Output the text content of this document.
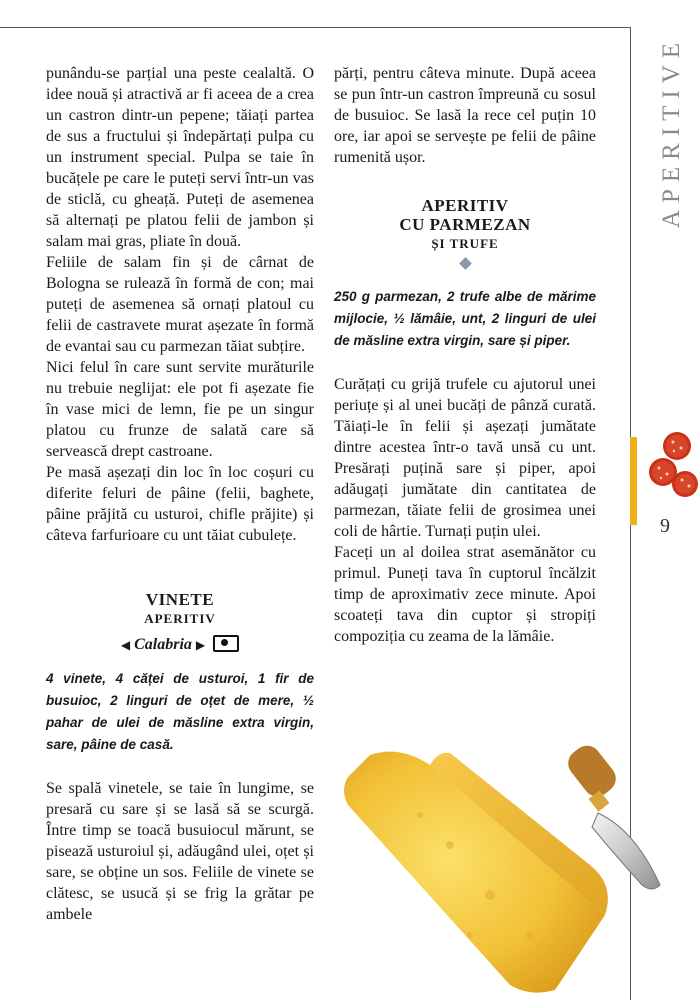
APERITIVE
9

punându-se parțial una peste cealaltă. O idee nouă și atractivă ar fi aceea de a crea un castron dintr-un pepene; tăiați partea de sus a fructului și îndepărtați pulpa cu un instrument special. Pulpa se taie în bucățele pe care le puteți servi într-un vas de sticlă, cu gheață. Puteți de asemenea să alternați pe platou felii de jambon și salam mai gras, pliate în două.

Feliile de salam fin și de cârnat de Bologna se rulează în formă de con; mai puteți de asemenea să ornați platoul cu felii de castravete murat așezate în formă de evantai sau cu parmezan tăiat subțire.

Nici felul în care sunt servite murăturile nu trebuie neglijat: ele pot fi așezate fie în vase mici de lemn, fie pe un singur platou cu frunze de salată care să servească drept castroane.

Pe masă așezați din loc în loc coșuri cu diferite feluri de pâine (felii, baghete, pâine prăjită cu usturoi, chifle prăjite) și câteva farfurioare cu unt tăiat cubulețe.

VINETE
APERITIV
◀ Calabria ▶

4 vinete, 4 căței de usturoi, 1 fir de busuioc, 2 linguri de oțet de mere, ½ pahar de ulei de măsline extra virgin, sare, pâine de casă.

Se spală vinetele, se taie în lungime, se presară cu sare și se lasă să se scurgă. Între timp se toacă busuiocul mărunt, se pisează usturoiul și, adăugând ulei, oțet și sare, se obține un sos. Feliile de vinete se clătesc, se usucă și se frig la grătar pe ambele

părți, pentru câteva minute. După aceea se pun într-un castron împreună cu sosul de busuioc. Se lasă la rece cel puțin 10 ore, iar apoi se servește pe felii de pâine rumenită ușor.

APERITIV
CU PARMEZAN
ȘI TRUFE

250 g parmezan, 2 trufe albe de mărime mijlocie, ½ lămâie, unt, 2 linguri de ulei de măsline extra virgin, sare și piper.

Curățați cu grijă trufele cu ajutorul unei periuțe și al unei bucăți de pânză curată. Tăiați-le în felii și așezați jumătate dintre acestea într-o tavă unsă cu unt. Presărați puțină sare și piper, apoi adăugați jumătate din cantitatea de parmezan, tăiate felii de grosimea unei coli de hârtie. Turnați puțin ulei.

Faceți un al doilea strat asemănător cu primul. Puneți tava în cuptorul încălzit timp de aproximativ zece minute. Apoi scoateți tava din cuptor și stropiți compoziția cu zeama de la lămâie.
